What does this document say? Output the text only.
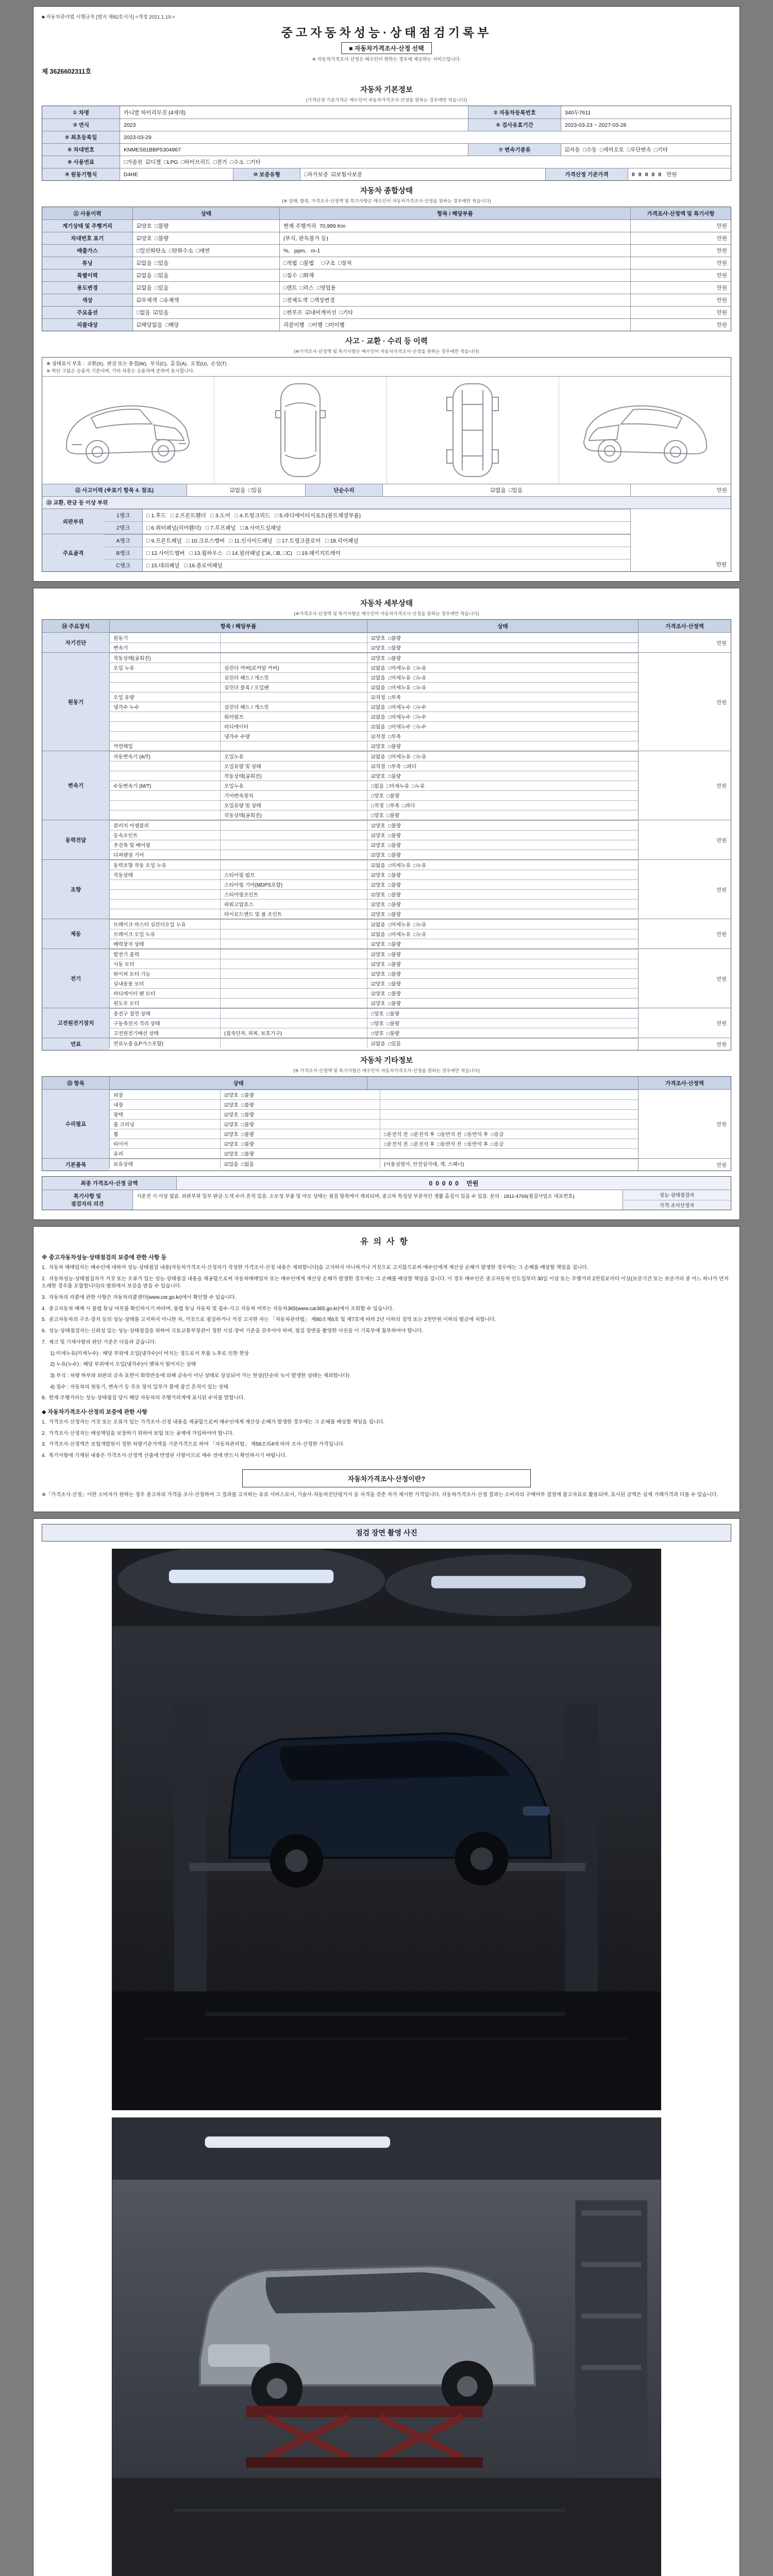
■ 자동차관리법 시행규칙 [별지 제82호서식] <개정 2021.1.19.>
중고자동차성능·상태점검기록부
■ 자동차가격조사·산정 선택
※ 자동차가격조사·산정은 매수인이 원하는 경우에 제공하는 서비스입니다.
제 3626602311호
자동차 기본정보
(가격산정 기준가격은 매수인이 자동차가격조사·산정을 원하는 경우에만 적습니다)
① 차명	카니발 하이리무진 (4세대)	② 자동차등록번호	340두7611
③ 연식	2023	④ 검사유효기간	2023-03-23 ~ 2027-03-28
⑤ 최초등록일	2023-03-29
⑥ 차대번호	KNMES81BBP5304967	⑦ 변속기종류	☑자동  □수동  □세미오토  □무단변속  □기타
⑧ 사용연료	□가솔린  ☑디젤  □LPG  □하이브리드  □전기  □수소  □기타
⑨ 원동기형식	D4HE	⑩ 보증유형	□자가보증  ☑보험사보증	가격산정 기준가격	00000
만원
자동차 종합상태
(※ 상태, 항목, 가격조사·산정액 및 특기사항은 매수인이 자동차가격조사·산정을 원하는 경우에만 적습니다)
⑪ 사용이력	상태	항목 / 해당부품	가격조사·산정액 및 특기사항
계기상태 및 주행거리	☑양호  □불량	현재 주행거리  70,989 Km	만원
차대번호 표기	☑양호  □불량	(부식, 판독불가 등)	만원
배출가스	□일산화탄소  □탄화수소  □매연	%,   ppm,   m-1	만원
튜닝	☑없음  □있음	□적법  □불법     □구조  □장치	만원
특별이력	☑없음  □있음	□침수  □화재	만원
용도변경	☑없음  □있음	□렌트  □리스  □영업용	만원
색상	☑무채색  □유채색	□전체도색  □색상변경	만원
주요옵션	□없음  ☑있음	□썬루프  ☑내비게이션  □기타	만원
리콜대상	☑해당없음  □해당	리콜이행   □이행  □미이행	만원
사고 · 교환 · 수리 등 이력
(※가격조사·산정액 및 특기사항은 매수인이 자동차가격조사·산정을 원하는 경우에만 적습니다)
※ 상태표시 부호 :  교환(X),  판금 또는 용접(W),  부식(C),  흠집(A),  요철(U),  손상(T)
※ 하단 그림은 승용차 기준이며, 기타 차종은 승용차에 준하여 표시합니다.
⑫ 사고이력 (※표기 항목 4. 참조)	☑없음  □있음	단순수리	☑없음  □있음	만원
⑬ 교환, 판금 등 이상 부위
외판부위
1랭크	□ 1.후드   □ 2.프론트휀더   □ 3.도어   □ 4.트렁크리드   □ 5.라디에이터서포트(볼트체결부품)
2랭크	□ 6.쿼터패널(리어휀더)   □ 7.루프패널   □ 8.사이드실패널
주요골격
A랭크	□ 9.프론트패널   □ 10.크로스멤버   □ 11.인사이드패널   □ 17.트렁크플로어   □ 18.리어패널
B랭크	□ 12.사이드멤버   □ 13.휠하우스   □ 14.필러패널 (□A, □B, □C)   □ 19.패키지트레이
C랭크	□ 15.대쉬패널   □ 16.플로어패널	만원
자동차 세부상태
(※가격조사·산정액 및 특기사항은 매수인이 자동차가격조사·산정을 원하는 경우에만 적습니다)
⑭ 주요장치	항목 / 해당부품	상태	가격조사·산정액
자기진단
원동기	☑양호  □불량
변속기	☑양호  □불량
만원
원동기
작동상태(공회전)	☑양호  □불량
오일 누유	실린더 커버(로커암 커버)	☑없음  □미세누유  □누유
실린더 헤드 / 개스킷	☑없음  □미세누유  □누유
실린더 블록 / 오일팬	☑없음  □미세누유  □누유
오일 유량	☑적정  □부족
냉각수 누수	실린더 헤드 / 개스킷	☑없음  □미세누수  □누수
워터펌프	☑없음  □미세누수  □누수
라디에이터	☑없음  □미세누수  □누수
냉각수 수량	☑적정  □부족
커먼레일	☑양호  □불량
만원
변속기
자동변속기 (A/T)	오일누유	☑없음  □미세누유  □누유
오일유량 및 상태	☑적정  □부족  □과다
작동상태(공회전)	☑양호  □불량
수동변속기 (M/T)	오일누유	□없음  □미세누유  □누유
기어변속장치	□양호  □불량
오일유량 및 상태	□적정  □부족  □과다
작동상태(공회전)	□양호  □불량
만원
동력전달
클러치 어셈블리	☑양호  □불량
등속조인트	☑양호  □불량
추진축 및 베어링	☑양호  □불량
디퍼렌셜 기어	☑양호  □불량
만원
조향
동력조향 작동 오일 누유	☑없음  □미세누유  □누유
작동상태	스티어링 펌프	☑양호  □불량
스티어링 기어(MDPS포함)	☑양호  □불량
스티어링조인트	☑양호  □불량
파워고압호스	☑양호  □불량
타이로드엔드 및 볼 조인트	☑양호  □불량
만원
제동
브레이크 마스터 실린더오일 누유	☑없음  □미세누유  □누유
브레이크 오일 누유	☑없음  □미세누유  □누유
배력장치 상태	☑양호  □불량
만원
전기
발전기 출력	☑양호  □불량
시동 모터	☑양호  □불량
와이퍼 모터 기능	☑양호  □불량
실내송풍 모터	☑양호  □불량
라디에이터 팬 모터	☑양호  □불량
윈도우 모터	☑양호  □불량
만원
고전원전기장치
충전구 절연 상태	□양호  □불량
구동축전지 격리 상태	□양호  □불량
고전원전기배선 상태	(접속단자, 피복, 보호기구)	□양호  □불량
만원
연료	연료누출 (LP가스포함)	☑없음  □있음	만원
자동차 기타정보
(※ 가격조사·산정액 및 특기사항은 매수인이 자동차가격조사·산정을 원하는 경우에만 적습니다)
⑮ 항목	상태	가격조사·산정액
수리필요
외장	☑양호  □불량
내장	☑양호  □불량
광택	☑양호  □불량
룸 크리닝	☑양호  □불량
휠	☑양호  □불량	□운전석 전  □운전석 후  □동반석 전  □동반석 후  □응급
타이어	☑양호  □불량	□운전석 전  □운전석 후  □동반석 전  □동반석 후  □응급
유리	☑양호  □불량
만원
기본품목	보유상태	☑있음  □없음	(사용설명서, 안전삼각대, 잭, 스패너)	만원
최종 가격조사·산정 금액	00000
만원
특기사항 및
점검자의 의견
시운전 시 이상 없음. 외판부위 일부 판금·도색 수리 흔적 있음. 소모성 부품 및 마모 상태는 점검 항목에서 제외되며, 중고차 특성상 부분적인 생활 흠집이 있을 수 있음. 문의 : 1811-4769(점검사업소 대표번호)	성능·상태점검자
가격·조사산정자
유의사항
※ 중고자동차성능·상태점검의 보증에 관한 사항 등

1.  자동차 매매업자는 매수인에 대하여 성능·상태점검 내용(자동차가격조사·산정자가 작성한 가격조사·산정 내용은 제외합니다)을 고지하지 아니하거나 거짓으로 고지함으로써 매수인에게 재산상 손해가 발생한 경우에는 그 손해를 배상할 책임을 집니다.

2.  자동차성능·상태점검자가 거짓 또는 오류가 있는 성능·상태점검 내용을 제공함으로써 자동차매매업자 또는 매수인에게 재산상 손해가 발생한 경우에는 그 손해를 배상할 책임을 집니다. 이 경우 매수인은 중고자동차 인도일부터 30일 이상 또는 주행거리 2천킬로미터 이상(보증기간 또는 보증거리 중 어느 하나가 먼저 도래한 경우를 포함합니다)의 범위에서 보증을 받을 수 있습니다.

3.  자동차의 리콜에 관한 사항은 자동차리콜센터(www.car.go.kr)에서 확인할 수 있습니다.

4.  중고자동차 매매 시 불법 튜닝 여부를 확인하시기 바라며, 불법 튜닝 자동차 및 침수·사고 자동차 여부는 자동차365(www.car365.go.kr)에서 조회할 수 있습니다.

5.  중고자동차의 구조·장치 등의 성능·상태를 고지하지 아니한 자, 거짓으로 점검하거나 거짓 고지한 자는 「자동차관리법」 제80조제6호 및 제7호에 따라 2년 이하의 징역 또는 2천만원 이하의 벌금에 처합니다.

6.  성능·상태점검자는 신뢰성 있는 성능·상태점검을 위하여 국토교통부장관이 정한 시설·장비 기준을 갖추어야 하며, 점검 장면을 촬영한 사진을 이 기록부에 첨부하여야 합니다.

7.  체크 및 기재사항의 판단 기준은 다음과 같습니다.

1) 미세누유(미세누수) : 해당 부위에 오일(냉각수)이 비치는 정도로서 부품 노후로 인한 현상

2) 누유(누수) : 해당 부위에서 오일(냉각수)이 맺혀서 떨어지는 상태

3) 부식 : 차량 하부와 외판의 금속 표면이 화학반응에 의해 금속이 아닌 상태로 상실되어 가는 현상(단순히 녹이 발생한 상태는 제외합니다)

4) 침수 : 자동차의 원동기, 변속기 등 주요 장치 일부가 물에 잠긴 흔적이 있는 상태

8.  현재 주행거리는 성능·상태점검 당시 해당 자동차의 주행거리계에 표시된 수치를 말합니다.

◆ 자동차가격조사·산정의 보증에 관한 사항

1.  가격조사·산정자는 거짓 또는 오류가 있는 가격조사·산정 내용을 제공함으로써 매수인에게 재산상 손해가 발생한 경우에는 그 손해를 배상할 책임을 집니다.

2.  가격조사·산정자는 배상책임을 보장하기 위하여 보험 또는 공제에 가입하여야 합니다.

3.  가격조사·산정액은 보험개발원이 정한 차량기준가액을 기준가격으로 하여 「자동차관리법」 제58조의4에 따라 조사·산정한 가격입니다.

4.  특기사항에 기재된 내용은 가격조사·산정액 산출에 반영된 사항이므로 매수 전에 반드시 확인하시기 바랍니다.

자동차가격조사·산정이란?

※「가격조사·산정」이란 소비자가 원하는 경우 중고차의 가격을 조사·산정하여 그 결과를 고지하는 유료 서비스로서, 기술사·자동차진단평가사 등 자격을 갖춘 자가 제시한 가격입니다. 자동차가격조사·산정 결과는 소비자의 구매여부 결정에 참고자료로 활용되며, 표시된 금액은 실제 거래가격과 다를 수 있습니다.

점검 장면 촬영 사진
